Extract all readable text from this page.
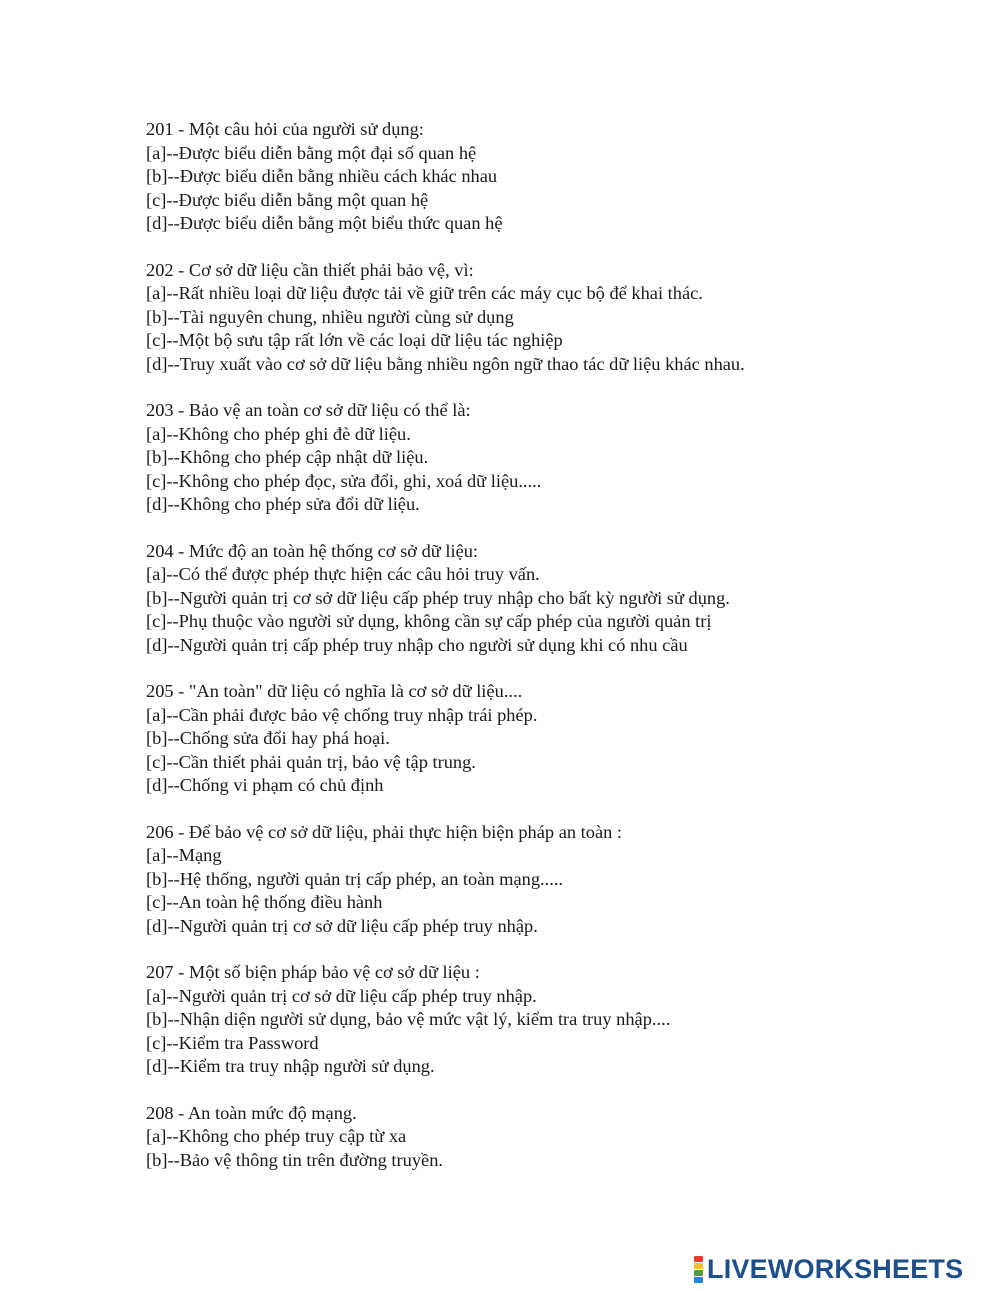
201 - Một câu hỏi của người sử dụng:
[a]--Được biểu diễn bằng một đại số quan hệ
[b]--Được biểu diễn bằng nhiều cách khác nhau
[c]--Được biểu diễn bằng một quan hệ
[d]--Được biểu diễn bằng một biểu thức quan hệ
202 - Cơ sở dữ liệu cần thiết phải bảo vệ, vì:
[a]--Rất nhiều loại dữ liệu được tải về giữ trên các máy cục bộ để khai thác.
[b]--Tài nguyên chung, nhiều người cùng sử dụng
[c]--Một bộ sưu tập rất lớn về các loại dữ liệu tác nghiệp
[d]--Truy xuất vào cơ sở dữ liệu bằng nhiều ngôn ngữ thao tác dữ liệu khác nhau.
203 - Bảo vệ an toàn cơ sở dữ liệu có thể là:
[a]--Không cho phép ghi đè dữ liệu.
[b]--Không cho phép cập nhật dữ liệu.
[c]--Không cho phép đọc, sửa đổi, ghi, xoá dữ liệu.....
[d]--Không cho phép sửa đổi dữ liệu.
204 - Mức độ an toàn hệ thống cơ sở dữ liệu:
[a]--Có thể được phép thực hiện các câu hỏi truy vấn.
[b]--Người quản trị cơ sở dữ liệu cấp phép truy nhập cho bất kỳ người sử dụng.
[c]--Phụ thuộc vào người sử dụng, không cần sự cấp phép của người quản trị
[d]--Người quản trị cấp phép truy nhập cho người sử dụng khi có nhu cầu
205 - "An toàn" dữ liệu có nghĩa là cơ sở dữ liệu....
[a]--Cần phải được bảo vệ chống truy nhập trái phép.
[b]--Chống sửa đổi hay phá hoại.
[c]--Cần thiết phải quản trị, bảo vệ tập trung.
[d]--Chống vi phạm có chủ định
206 - Để bảo vệ cơ sở dữ liệu, phải thực hiện biện pháp an toàn :
[a]--Mạng
[b]--Hệ thống, người quản trị cấp phép, an toàn mạng.....
[c]--An toàn hệ thống điều hành
[d]--Người quản trị cơ sở dữ liệu cấp phép truy nhập.
207 - Một số biện pháp bảo vệ cơ sở dữ liệu :
[a]--Người quản trị cơ sở dữ liệu cấp phép truy nhập.
[b]--Nhận diện người sử dụng, bảo vệ mức vật lý, kiểm tra truy nhập....
[c]--Kiểm tra Password
[d]--Kiểm tra truy nhập người sử dụng.
208 - An toàn mức độ mạng.
[a]--Không cho phép truy cập từ xa
[b]--Bảo vệ thông tin trên đường truyền.
LIVEWORKSHEETS
